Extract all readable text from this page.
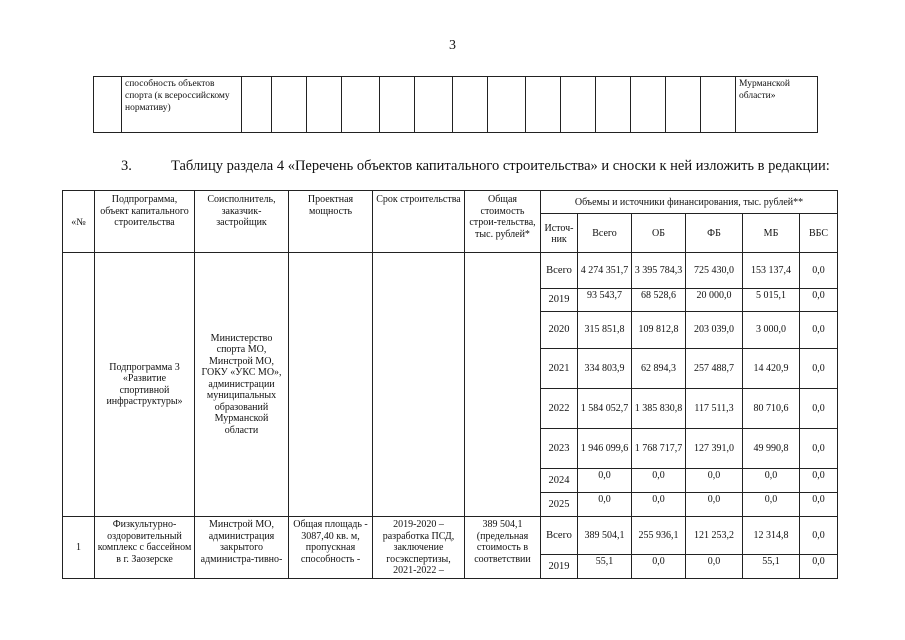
3
	способность объектов спорта (к всероссийскому нормативу)															Мурманской области»
3.	Таблицу раздела 4 «Перечень объектов капитального строительства» и сноски к ней изложить в редакции:
«№	Подпрограмма, объект капитального строительства	Соисполнитель, заказчик-застройщик	Проектная мощность	Срок строительства	Общая стоимость строи-тельства, тыс. рублей*	Объемы и источники финансирования, тыс. рублей**					
						Источ-ник	Всего	ОБ	ФБ	МБ	ВБС
	Подпрограмма 3 «Развитие спортивной инфраструктуры»	Министерство спорта МО, Минстрой МО, ГОКУ «УКС МО», администрации муниципальных образований Мурманской области				Всего	4 274 351,7	3 395 784,3	725 430,0	153 137,4	0,0
						2019	93 543,7	68 528,6	20 000,0	5 015,1	0,0
						2020	315 851,8	109 812,8	203 039,0	3 000,0	0,0
						2021	334 803,9	62 894,3	257 488,7	14 420,9	0,0
						2022	1 584 052,7	1 385 830,8	117 511,3	80 710,6	0,0
						2023	1 946 099,6	1 768 717,7	127 391,0	49 990,8	0,0
						2024	0,0	0,0	0,0	0,0	0,0
						2025	0,0	0,0	0,0	0,0	0,0
1	Физкультурно-оздоровительный комплекс с бассейном в г. Заозерске	Минстрой МО, администрация закрытого администра-тивно-	Общая площадь - 3087,40 кв. м, пропускная способность -	2019-2020 – разработка ПСД, заключение госэкспертизы, 2021-2022 –	389 504,1 (предельная стоимость в соответствии	Всего	389 504,1	255 936,1	121 253,2	12 314,8	0,0
						2019	55,1	0,0	0,0	55,1	0,0
